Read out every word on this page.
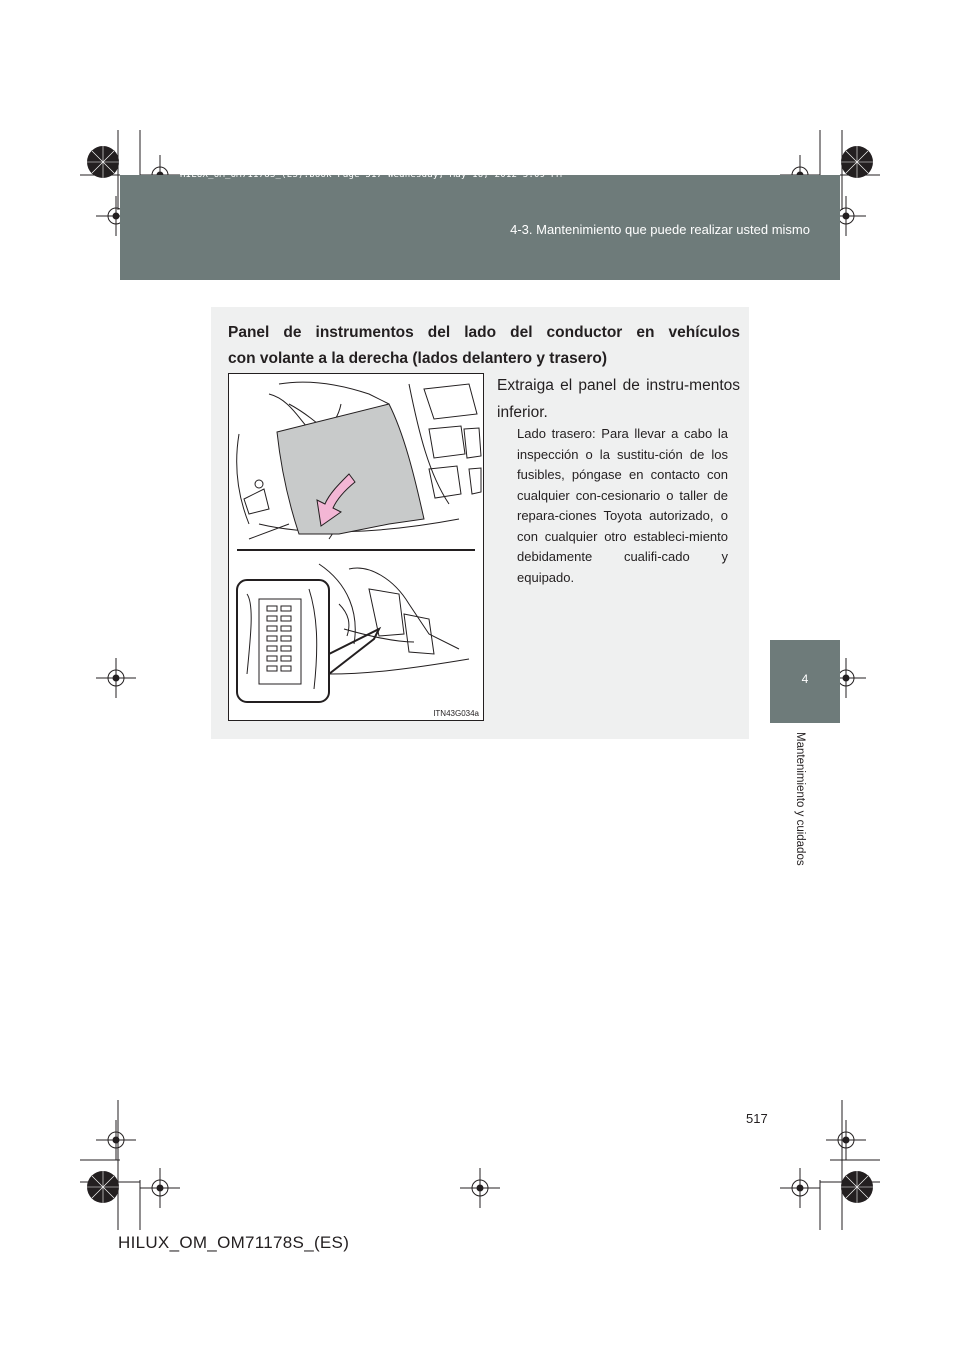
HILUX_OM_OM71178S_(ES).book Page 517 Wednesday, May 16, 2012 3:09 PM
4-3. Mantenimiento que puede realizar usted mismo
4
Mantenimiento y cuidados
Panel de instrumentos del lado del conductor en vehículos
con volante a la derecha (lados delantero y trasero)
ITN43G034a

Extraiga el panel de instru-mentos inferior.

Lado trasero: Para llevar a cabo la inspección o la sustitu-ción de los fusibles, póngase en contacto con cualquier con-cesionario o taller de repara-ciones Toyota autorizado, o con cualquier otro estableci-miento debidamente cualifi-cado y equipado.

517
HILUX_OM_OM71178S_(ES)
